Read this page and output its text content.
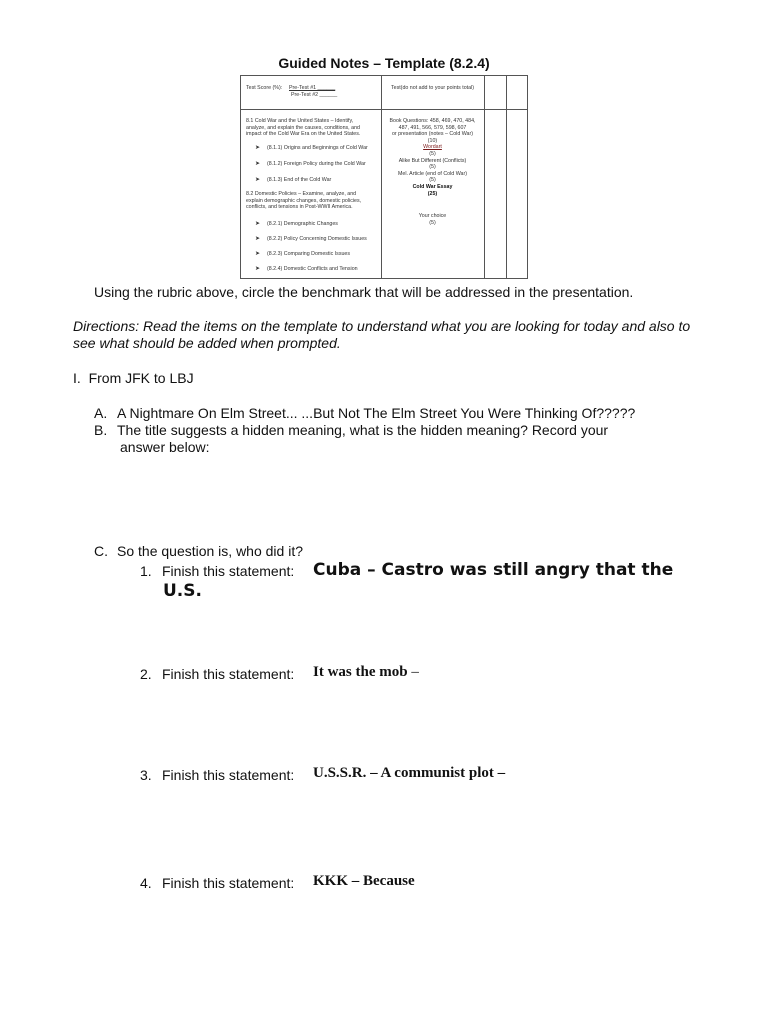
Guided Notes – Template (8.2.4)
Test Score (%): Pre-Test #1 ______
Pre-Test #2 ______
Test(do not add to your points total)
8.1 Cold War and the United States – Identify, analyze, and explain the causes, conditions, and impact of the Cold War Era on the United States.
➤ (8.1.1) Origins and Beginnings of Cold War
➤ (8.1.2) Foreign Policy during the Cold War
➤ (8.1.3) End of the Cold War
8.2 Domestic Policies – Examine, analyze, and explain demographic changes, domestic policies, conflicts, and tensions in Post-WWII America.
➤ (8.2.1) Demographic Changes
➤ (8.2.2) Policy Concerning Domestic Issues
➤ (8.2.3) Comparing Domestic Issues
➤ (8.2.4) Domestic Conflicts and Tension
Book Questions: 458, 469, 470, 484,
487, 491, 566, 579, 598, 607
or presentation (notes – Cold War)
(10)
Wordart
(5)
Alike But Different (Conflicts)
(5)
Mel. Article (end of Cold War)
(5)
Cold War Essay
(25)
Your choice
(5)
Using the rubric above, circle the benchmark that will be addressed in the presentation.
Directions: Read the items on the template to understand what you are looking for today and also to see what should be added when prompted.
I. From JFK to LBJ
A. A Nightmare On Elm Street... ...But Not The Elm Street You Were Thinking Of?????
B. The title suggests a hidden meaning, what is the hidden meaning? Record your
answer below:
C. So the question is, who did it?
1. Finish this statement: Cuba – Castro was still angry that the
U.S.
2. Finish this statement: It was the mob –
3. Finish this statement: U.S.S.R. – A communist plot –
4. Finish this statement: KKK – Because
